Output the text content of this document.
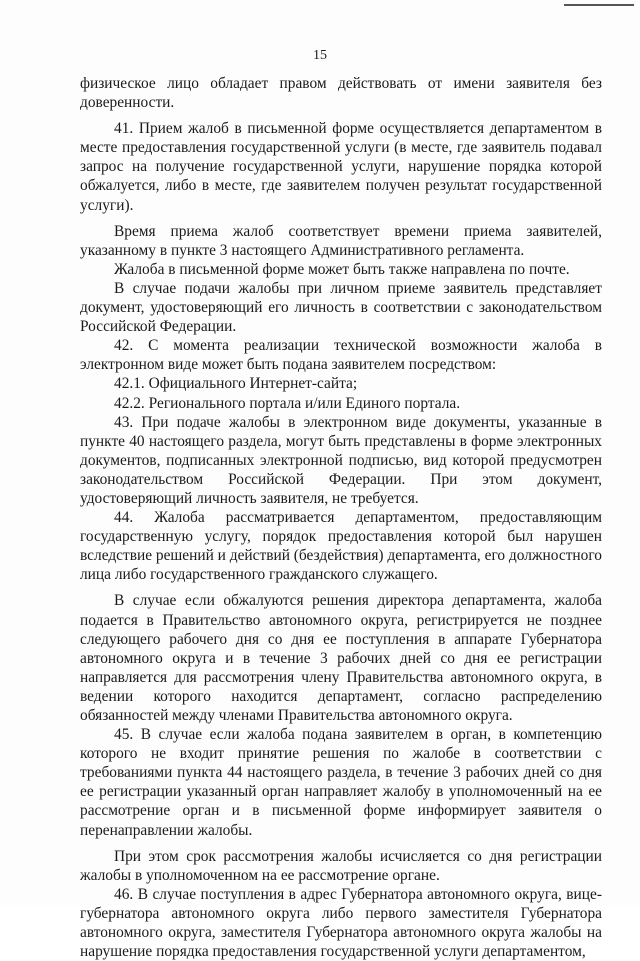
15

физическое лицо обладает правом действовать от имени заявителя без доверенности.

41. Прием жалоб в письменной форме осуществляется департаментом в месте предоставления государственной услуги (в месте, где заявитель подавал запрос на получение государственной услуги, нарушение порядка которой обжалуется, либо в месте, где заявителем получен результат государственной услуги).

Время приема жалоб соответствует времени приема заявителей, указанному в пункте 3 настоящего Административного регламента.

Жалоба в письменной форме может быть также направлена по почте.

В случае подачи жалобы при личном приеме заявитель представляет документ, удостоверяющий его личность в соответствии с законодательством Российской Федерации.

42. С момента реализации технической возможности жалоба в электронном виде может быть подана заявителем посредством:

42.1. Официального Интернет-сайта;

42.2. Регионального портала и/или Единого портала.

43. При подаче жалобы в электронном виде документы, указанные в пункте 40 настоящего раздела, могут быть представлены в форме электронных документов, подписанных электронной подписью, вид которой предусмотрен законодательством Российской Федерации. При этом документ, удостоверяющий личность заявителя, не требуется.

44. Жалоба рассматривается департаментом, предоставляющим государственную услугу, порядок предоставления которой был нарушен вследствие решений и действий (бездействия) департамента, его должностного лица либо государственного гражданского служащего.

В случае если обжалуются решения директора департамента, жалоба подается в Правительство автономного округа, регистрируется не позднее следующего рабочего дня со дня ее поступления в аппарате Губернатора автономного округа и в течение 3 рабочих дней со дня ее регистрации направляется для рассмотрения члену Правительства автономного округа, в ведении которого находится департамент, согласно распределению обязанностей между членами Правительства автономного округа.

45. В случае если жалоба подана заявителем в орган, в компетенцию которого не входит принятие решения по жалобе в соответствии с требованиями пункта 44 настоящего раздела, в течение 3 рабочих дней со дня ее регистрации указанный орган направляет жалобу в уполномоченный на ее рассмотрение орган и в письменной форме информирует заявителя о перенаправлении жалобы.

При этом срок рассмотрения жалобы исчисляется со дня регистрации жалобы в уполномоченном на ее рассмотрение органе.

46. В случае поступления в адрес Губернатора автономного округа, вице-губернатора автономного округа либо первого заместителя Губернатора автономного округа, заместителя Губернатора автономного округа жалобы на нарушение порядка предоставления государственной услуги департаментом,
